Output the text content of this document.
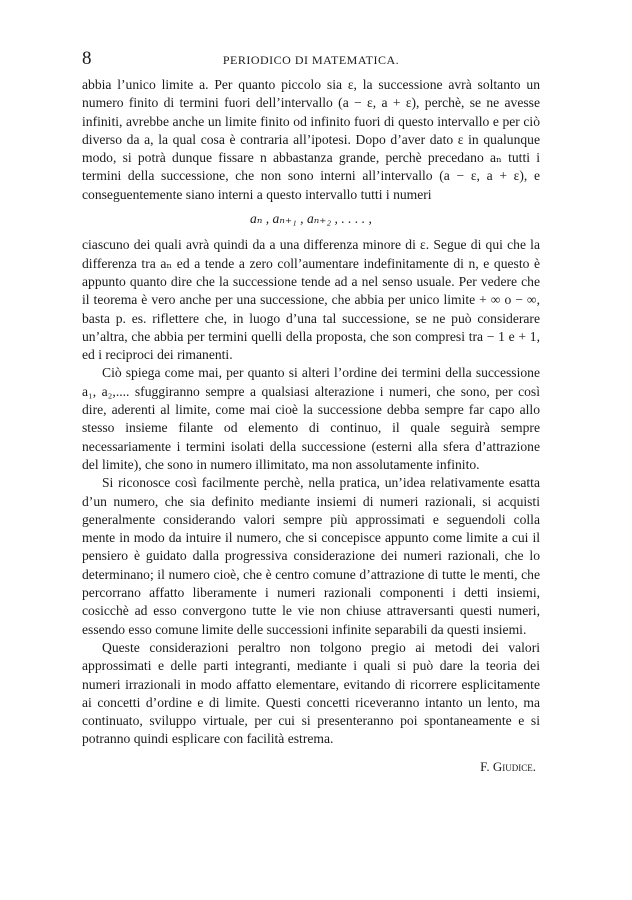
8	PERIODICO DI MATEMATICA.

abbia l’unico limite a. Per quanto piccolo sia ε, la successione avrà soltanto un numero finito di termini fuori dell’intervallo (a − ε, a + ε), perchè, se ne avesse infiniti, avrebbe anche un limite finito od infinito fuori di questo intervallo e per ciò diverso da a, la qual cosa è contraria all’ipotesi. Dopo d’aver dato ε in qualunque modo, si potrà dunque fissare n abbastanza grande, perchè precedano aₙ tutti i termini della successione, che non sono interni all’intervallo (a − ε, a + ε), e conseguentemente siano interni a questo intervallo tutti i numeri

aₙ , aₙ₊₁ , aₙ₊₂ , . . . . ,

ciascuno dei quali avrà quindi da a una differenza minore di ε. Segue di qui che la differenza tra aₙ ed a tende a zero coll’aumentare indefinitamente di n, e questo è appunto quanto dire che la successione tende ad a nel senso usuale. Per vedere che il teorema è vero anche per una successione, che abbia per unico limite + ∞ o − ∞, basta p. es. riflettere che, in luogo d’una tal successione, se ne può considerare un’altra, che abbia per termini quelli della proposta, che son compresi tra − 1 e + 1, ed i reciproci dei rimanenti.

Ciò spiega come mai, per quanto si alteri l’ordine dei termini della successione a₁, a₂,.... sfuggiranno sempre a qualsiasi alterazione i numeri, che sono, per così dire, aderenti al limite, come mai cioè la successione debba sempre far capo allo stesso insieme filante od elemento di continuo, il quale seguirà sempre necessariamente i termini isolati della successione (esterni alla sfera d’attrazione del limite), che sono in numero illimitato, ma non assolutamente infinito.

Si riconosce così facilmente perchè, nella pratica, un’idea relativamente esatta d’un numero, che sia definito mediante insiemi di numeri razionali, si acquisti generalmente considerando valori sempre più approssimati e seguendoli colla mente in modo da intuire il numero, che si concepisce appunto come limite a cui il pensiero è guidato dalla progressiva considerazione dei numeri razionali, che lo determinano; il numero cioè, che è centro comune d’attrazione di tutte le menti, che percorrano affatto liberamente i numeri razionali componenti i detti insiemi, cosicchè ad esso convergono tutte le vie non chiuse attraversanti questi numeri, essendo esso comune limite delle successioni infinite separabili da questi insiemi.

Queste considerazioni peraltro non tolgono pregio ai metodi dei valori approssimati e delle parti integranti, mediante i quali si può dare la teoria dei numeri irrazionali in modo affatto elementare, evitando di ricorrere esplicitamente ai concetti d’ordine e di limite. Questi concetti riceveranno intanto un lento, ma continuato, sviluppo virtuale, per cui si presenteranno poi spontaneamente e si potranno quindi esplicare con facilità estrema.

F. Giudice.
